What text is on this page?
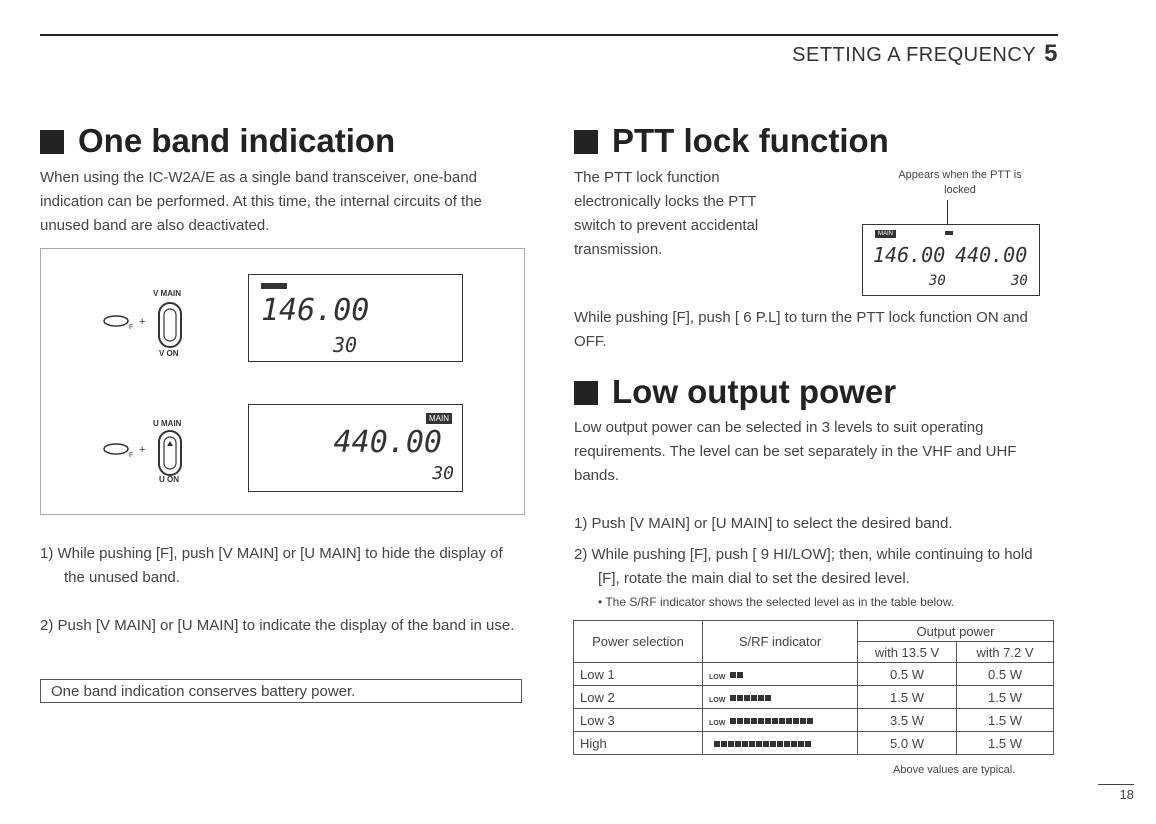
SETTING A FREQUENCY 5
One band indication
When using the IC-W2A/E as a single band transceiver, one-band indication can be performed. At this time, the internal circuits of the unused band are also deactivated.
V MAIN
V ON
F +	146.00
30
U MAIN
U ON
F +
MAIN
440.00
30
1) While pushing [F], push [V MAIN] or [U MAIN] to hide the display of the unused band.
2) Push [V MAIN] or [U MAIN] to indicate the display of the band in use.
One band indication conserves battery power.
PTT lock function
The PTT lock function electronically locks the PTT switch to prevent accidental transmission.
Appears when the PTT is locked
MAIN
146.00 440.00
30	30
While pushing [F], push [ 6 P.L] to turn the PTT lock function ON and OFF.
Low output power
Low output power can be selected in 3 levels to suit operating requirements. The level can be set separately in the VHF and UHF bands.
1) Push [V MAIN] or [U MAIN] to select the desired band.
2) While pushing [F], push [ 9 HI/LOW]; then, while continuing to hold [F], rotate the main dial to set the desired level.
• The S/RF indicator shows the selected level as in the table below.
Power selection	S/RF indicator	Output power	
		with 13.5 V	with 7.2 V
Low 1	LOW	0.5 W	0.5 W
Low 2	LOW	1.5 W	1.5 W
Low 3	LOW	3.5 W	1.5 W
High		5.0 W	1.5 W
Above values are typical.
18
